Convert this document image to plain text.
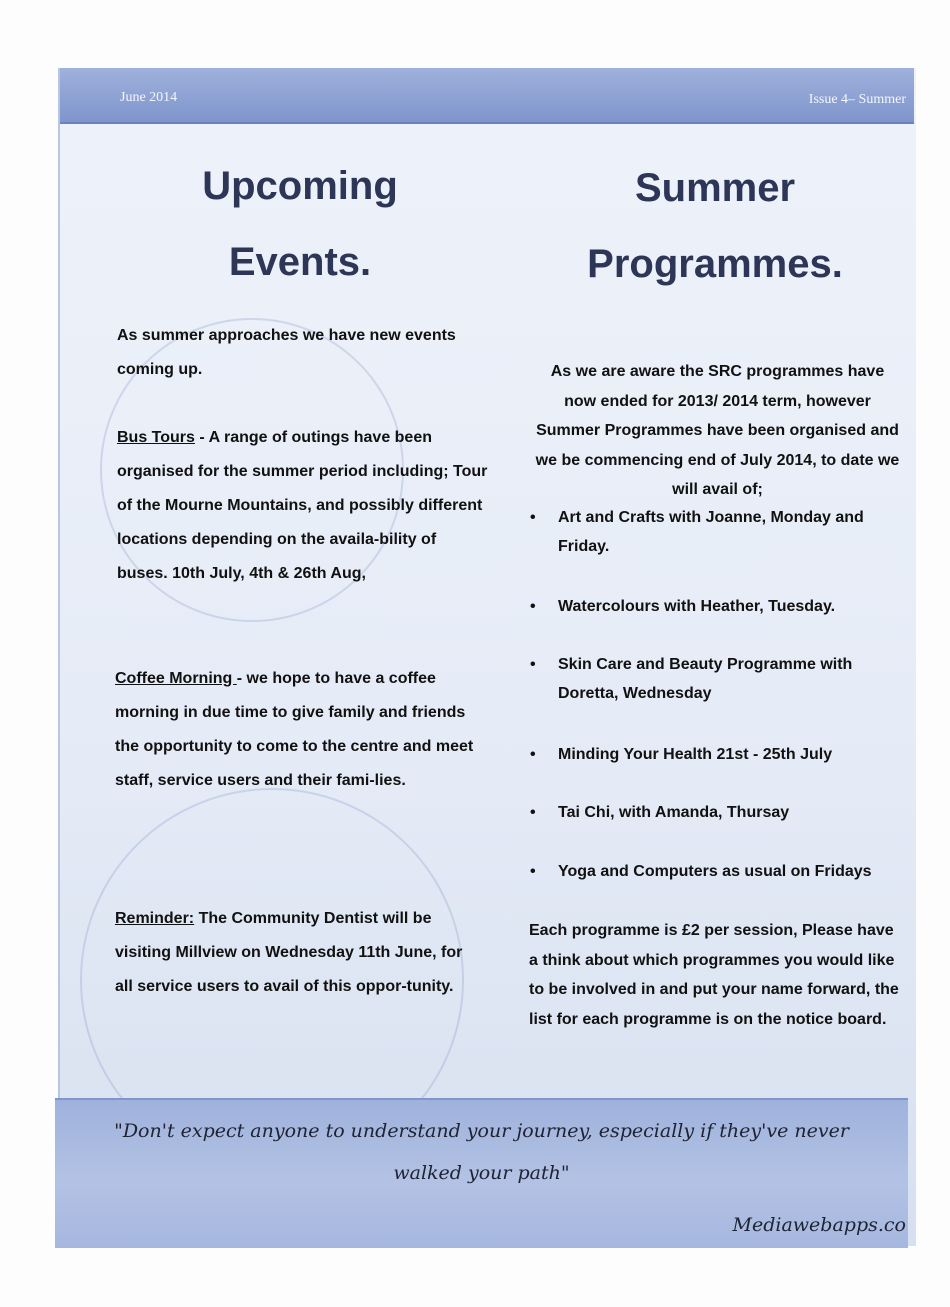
June 2014	Issue 4– Summer
Upcoming
Events.

As summer approaches we have new events coming up.

Bus Tours - A range of outings have been organised for the summer period including; Tour of the Mourne Mountains, and possibly different locations depending on the availa-bility of buses. 10th July, 4th & 26th Aug,

Coffee Morning - we hope to have a coffee morning in due time to give family and friends the opportunity to come to the centre and meet staff, service users and their fami-lies.

Reminder: The Community Dentist will be visiting Millview on Wednesday 11th June, for all service users to avail of this oppor-tunity.

Summer
Programmes.

As we are aware the SRC programmes have now ended for 2013/ 2014 term, however Summer Programmes have been organised and we be commencing end of July 2014, to date we will avail of;

• Art and Crafts with Joanne, Monday and Friday.
• Watercolours with Heather, Tuesday.
• Skin Care and Beauty Programme with Doretta, Wednesday
• Minding Your Health 21st - 25th July
• Tai Chi, with Amanda, Thursay
• Yoga and Computers as usual on Fridays

Each programme is £2 per session, Please have a think about which programmes you would like to be involved in and put your name forward, the list for each programme is on the notice board.

"Don't expect anyone to understand your journey, especially if they've never walked your path"
Mediawebapps.co
